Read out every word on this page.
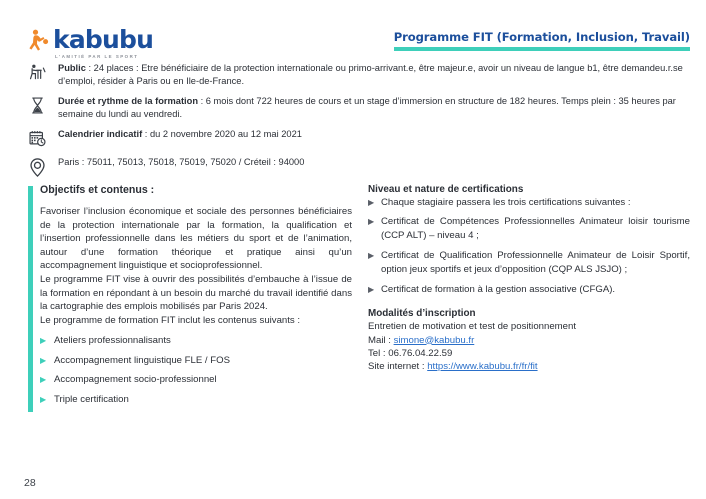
kabubu
L'AMITIÉ PAR LE SPORT
Programme FIT (Formation, Inclusion, Travail)
Public : 24 places : Etre bénéficiaire de la protection internationale ou primo-arrivant.e, être majeur.e, avoir un niveau de langue b1, être demandeu.r.se d’emploi, résider à Paris ou en Ile-de-France.
Durée et rythme de la formation : 6 mois dont 722 heures de cours et un stage d’immersion en structure de 182 heures. Temps plein : 35 heures par semaine du lundi au vendredi.
Calendrier indicatif : du 2 novembre 2020 au 12 mai 2021
Paris : 75011, 75013, 75018, 75019, 75020 / Créteil : 94000
Objectifs et contenus :

Favoriser l’inclusion économique et sociale des personnes bénéficiaires de la protection internationale par la formation, la qualification et l’insertion professionnelle dans les métiers du sport et de l’animation, autour d’une formation théorique et pratique ainsi qu’un accompagnement linguistique et socioprofessionnel.

Le programme FIT vise à ouvrir des possibilités d’embauche à l’issue de la formation en répondant à un besoin du marché du travail identifié dans la cartographie des emplois mobilisés par Paris 2024.

Le programme de formation FIT inclut les contenus suivants :

▶ Ateliers professionnalisants
▶ Accompagnement linguistique FLE / FOS
▶ Accompagnement socio-professionnel
▶ Triple certification
Niveau et nature de certifications
▶ Chaque stagiaire passera les trois certifications suivantes :
▶ Certificat de Compétences Professionnelles Animateur loisir tourisme (CCP ALT) – niveau 4 ;
▶ Certificat de Qualification Professionnelle Animateur de Loisir Sportif, option jeux sportifs et jeux d’opposition (CQP ALS JSJO) ;
▶ Certificat de formation à la gestion associative (CFGA).
Modalités d’inscription
Entretien de motivation et test de positionnement
Mail : simone@kabubu.fr
Tel : 06.76.04.22.59
Site internet : https://www.kabubu.fr/fr/fit
28
